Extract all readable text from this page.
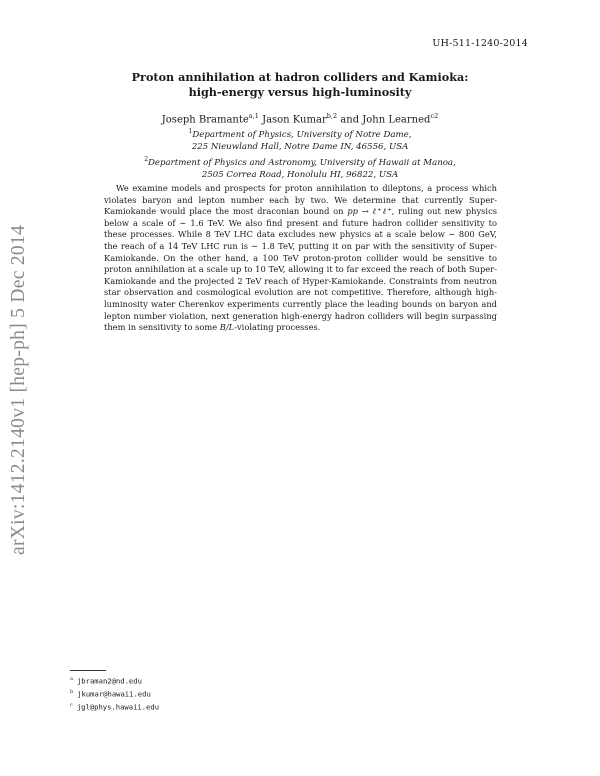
UH-511-1240-2014
arXiv:1412.2140v1 [hep-ph] 5 Dec 2014
Proton annihilation at hadron colliders and Kamioka:
high-energy versus high-luminosity
Joseph Bramante$^{a,1}$ Jason Kumar$^{b,2}$ and John Learned$^{c2}$
$^1$Department of Physics, University of Notre Dame,
225 Nieuwland Hall, Notre Dame IN, 46556, USA
$^2$Department of Physics and Astronomy, University of Hawaii at Manoa,
2505 Correa Road, Honolulu HI, 96822, USA

We examine models and prospects for proton annihilation to dileptons, a process which violates baryon and lepton number each by two. We determine that currently Super-Kamiokande would place the most draconian bound on pp → ℓ⁺ℓ⁺, ruling out new physics below a scale of ∼ 1.6 TeV. We also find present and future hadron collider sensitivity to these processes. While 8 TeV LHC data excludes new physics at a scale below ∼ 800 GeV, the reach of a 14 TeV LHC run is ∼ 1.8 TeV, putting it on par with the sensitivity of Super-Kamiokande. On the other hand, a 100 TeV proton-proton collider would be sensitive to proton annihilation at a scale up to 10 TeV, allowing it to far exceed the reach of both Super-Kamiokande and the projected 2 TeV reach of Hyper-Kamiokande. Constraints from neutron star observation and cosmological evolution are not competitive. Therefore, although high-luminosity water Cherenkov experiments currently place the leading bounds on baryon and lepton number violation, next generation high-energy hadron colliders will begin surpassing them in sensitivity to some B/L-violating processes.

$^a$ jbraman2@nd.edu
$^b$ jkumar@hawaii.edu
$^c$ jgl@phys.hawaii.edu
